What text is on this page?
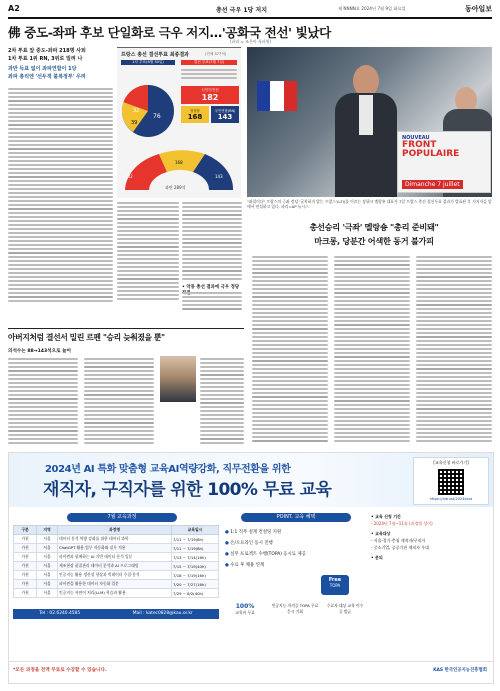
A2	총선 극우 1당 저지	제 NNNN호 2024년 7월 9일 화요일	동아일보
佛 중도-좌파 후보 단일화로 극우 저지…'공화국 전선' 빛났다
(파리 = 조은아 특파원)
2차 투표 앞 중도-좌파 218명 사퇴
1차 투표 1위 RN, 3위로 밀려 나
과반 득표 없이 좌파연합이 1당
좌파 총리엔 '선두적 불복정부' 우려
프랑스 총선 결선투표 최종결과	(전체 577석)
1차 투표(6월 30일)	결선 투표(7월 7일)
32
39
76
신인민전선
182
앙상블
168
국민연합(RN)
143
182
168
143
과반 289석
NOUVEAU
FRONT
POPULAIRE
Dimanche 7 juillet
"좌절이다" 프랑스의 극좌 정당 '굴복하지 않는 프랑스'(LFI)를 이끄는 장뤼크 멜랑숑 대표가 7일 프랑스 총선 결선투표 결과가 발표된 후 지지자들 앞에서 연설하고 있다. 파리=AP 뉴시스
• 악몽 총선 결과에 극우 정당
총선승리 '극좌' 멜랑숑 "총리 준비돼"
마크롱, 당분간 어색한 동거 불가피
아버지처럼 결선서 밀린 르펜 "승리 늦춰졌을 뿐"
의석수는 88→143석으로 늘어
2024년 AI 특화 맞춤형 교육AI역량강화, 직무전환을 위한
재직자, 구직자를 위한 100% 무료 교육
[교육신청 바로가기]
https://aitrust/2024kora
7월 교육과정
구분	지역	과정명	교육일시
가천	서울	데이터 분석 역량 강화를 위한 데이터 과학	7/11 ~ 7/19(8h)
가천	서울	ChatGPT 활용 업무 자동화와 실무 적용	7/11 ~ 7/19(8h)
가천	서울	파이썬과 함께하는 AI 기반 데이터 분석 입문	7/13 ~ 7/14(16h)
가천	서울	제조현장 품질관리 데이터 분석과 AI 프로그래밍	7/15 ~ 7/19(40h)
가천	서울	인공지능 활용 생산성 향상과 빅데이터 수집·분석	7/18 ~ 7/19(16h)
가천	서울	파이썬을 활용한 데이터 자동화 입문	7/20 ~ 7/27(16h)
가천	서울	인공지능 자연어 처리(LLM) 학습과 활용	7/29 ~ 8/2(40h)
POINT. 교육 혜택
● 1:1 직무 설계 컨설팅 지원
● 온/오프라인 동시 진행
● 실무 프로젝트 수행(TOPA) 응시료 제공
● 수료 후 채용 연계
Free
TOPA
100%
교육비 무료
인공지능 자격증 TOPA 무료 응시 기회
수료자 대상 교육 이수증 발급
• 교육 신청 기간
- 2024년 7월~11월 (과정별 상이)
• 교육대상
- 서울·경기·충청 재직자/구직자
- 중소기업, 공공기관 재직자 우대
• 문의
Tel : 02.6240.4585	Mail : katec0828@kau.or.kr
*모든 과정을 전액 무료로 수강할 수 있습니다.	KAS 한국인공지능진흥협회
